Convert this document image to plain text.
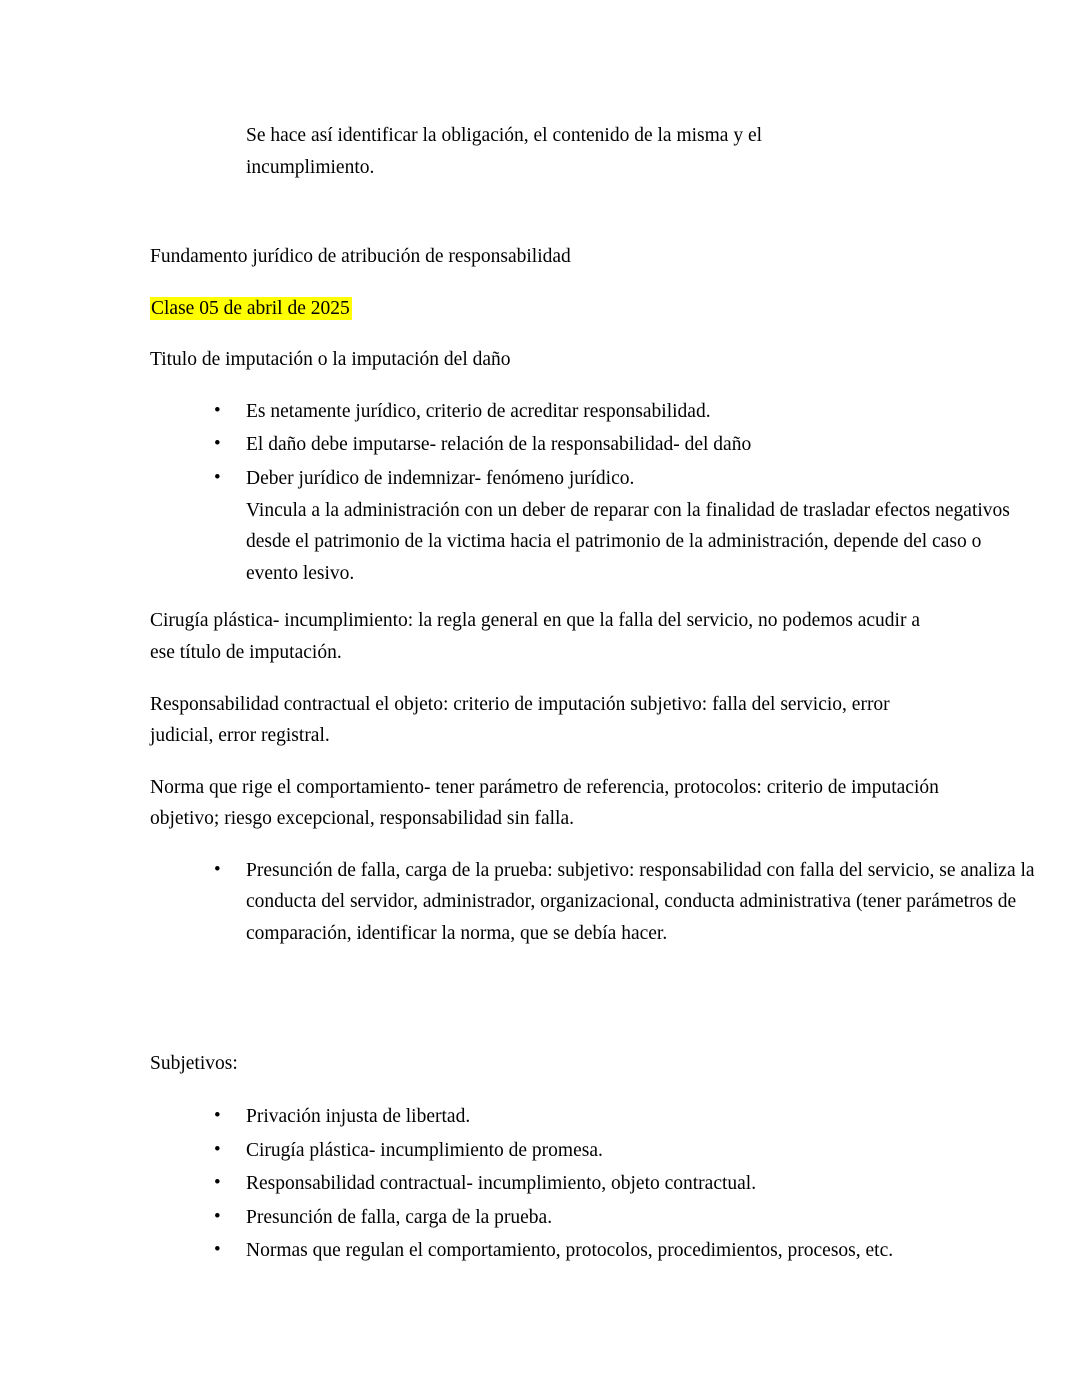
Se hace así identificar la obligación, el contenido de la misma y el incumplimiento.

Fundamento jurídico de atribución de responsabilidad

Clase 05 de abril de 2025

Titulo de imputación o la imputación del daño

• Es netamente jurídico, criterio de acreditar responsabilidad.
• El daño debe imputarse- relación de la responsabilidad- del daño
• Deber jurídico de indemnizar- fenómeno jurídico.
Vincula a la administración con un deber de reparar con la finalidad de trasladar efectos negativos desde el patrimonio de la victima hacia el patrimonio de la administración, depende del caso o evento lesivo.

Cirugía plástica- incumplimiento: la regla general en que la falla del servicio, no podemos acudir a ese título de imputación.

Responsabilidad contractual el objeto: criterio de imputación subjetivo: falla del servicio, error judicial, error registral.

Norma que rige el comportamiento- tener parámetro de referencia, protocolos: criterio de imputación objetivo; riesgo excepcional, responsabilidad sin falla.

• Presunción de falla, carga de la prueba: subjetivo: responsabilidad con falla del servicio, se analiza la conducta del servidor, administrador, organizacional, conducta administrativa (tener parámetros de comparación, identificar la norma, que se debía hacer.

Subjetivos:

• Privación injusta de libertad.
• Cirugía plástica- incumplimiento de promesa.
• Responsabilidad contractual- incumplimiento, objeto contractual.
• Presunción de falla, carga de la prueba.
• Normas que regulan el comportamiento, protocolos, procedimientos, procesos, etc.
